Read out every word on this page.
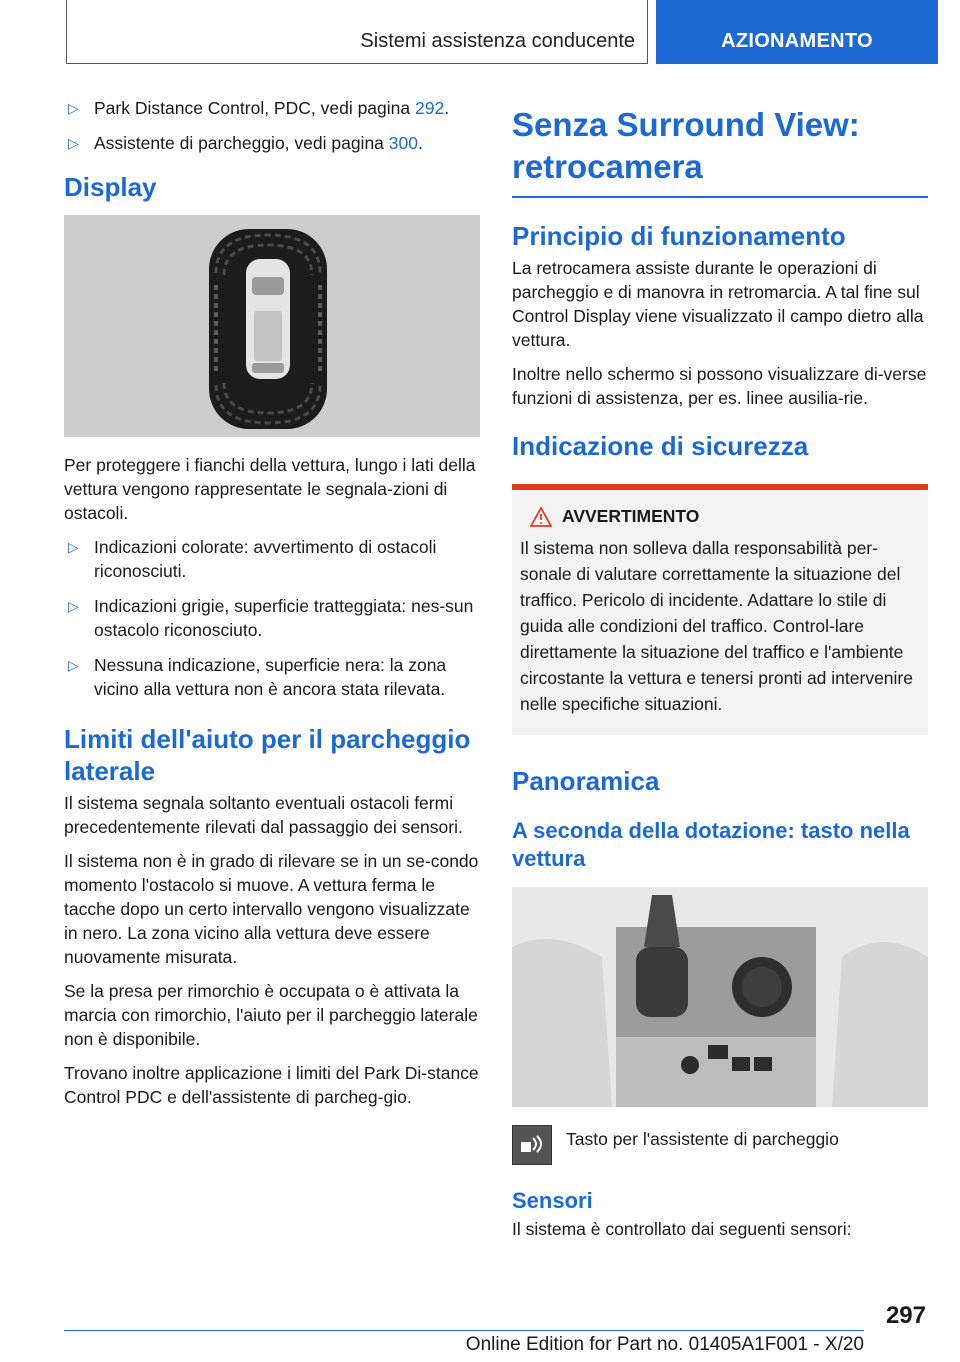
Sistemi assistenza conducente	AZIONAMENTO
▷ Park Distance Control, PDC, vedi pagina 292.
▷ Assistente di parcheggio, vedi pagina 300.
Display

Per proteggere i fianchi della vettura, lungo i lati della vettura vengono rappresentate le segnala-zioni di ostacoli.

▷ Indicazioni colorate: avvertimento di ostacoli riconosciuti.
▷ Indicazioni grigie, superficie tratteggiata: nes-sun ostacolo riconosciuto.
▷ Nessuna indicazione, superficie nera: la zona vicino alla vettura non è ancora stata rilevata.
Limiti dell'aiuto per il parcheggio laterale

Il sistema segnala soltanto eventuali ostacoli fermi precedentemente rilevati dal passaggio dei sensori.

Il sistema non è in grado di rilevare se in un se-condo momento l'ostacolo si muove. A vettura ferma le tacche dopo un certo intervallo vengono visualizzate in nero. La zona vicino alla vettura deve essere nuovamente misurata.

Se la presa per rimorchio è occupata o è attivata la marcia con rimorchio, l'aiuto per il parcheggio laterale non è disponibile.

Trovano inoltre applicazione i limiti del Park Di-stance Control PDC e dell'assistente di parcheg-gio.

Senza Surround View: retrocamera
Principio di funzionamento

La retrocamera assiste durante le operazioni di parcheggio e di manovra in retromarcia. A tal fine sul Control Display viene visualizzato il campo dietro alla vettura.

Inoltre nello schermo si possono visualizzare di-verse funzioni di assistenza, per es. linee ausilia-rie.

Indicazione di sicurezza
AVVERTIMENTO

Il sistema non solleva dalla responsabilità per-sonale di valutare correttamente la situazione del traffico. Pericolo di incidente. Adattare lo stile di guida alle condizioni del traffico. Control-lare direttamente la situazione del traffico e l'ambiente circostante la vettura e tenersi pronti ad intervenire nelle specifiche situazioni.

Panoramica
A seconda della dotazione: tasto nella vettura
Tasto per l'assistente di parcheggio
Sensori

Il sistema è controllato dai seguenti sensori:

297
Online Edition for Part no. 01405A1F001 - X/20
